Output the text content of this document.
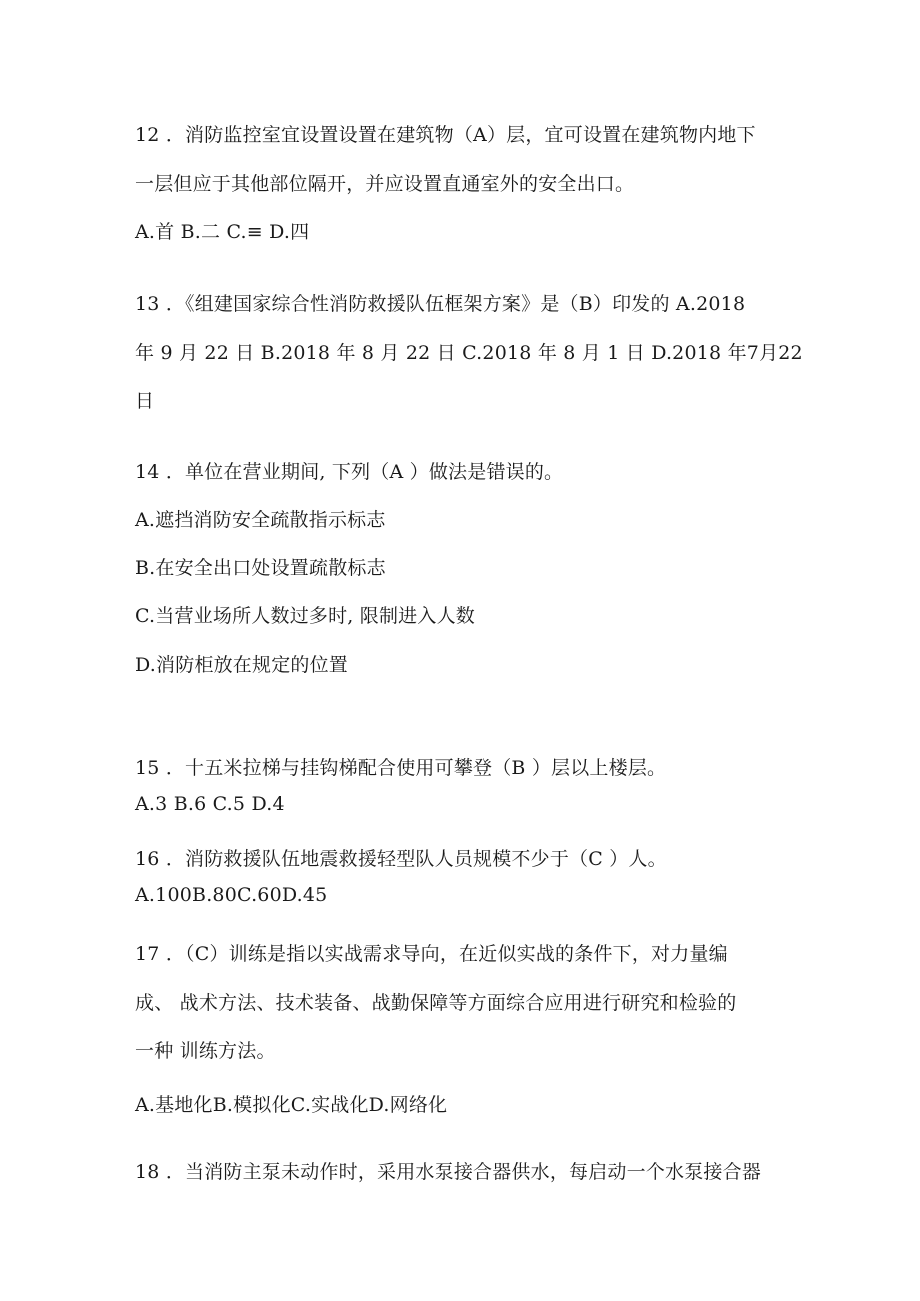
12 ．消防监控室宜设置设置在建筑物（A）层，宜可设置在建筑物内地下
一层但应于其他部位隔开，并应设置直通室外的安全出口。
A.首 B.二 C.≡ D.四
13 ．《组建国家综合性消防救援队伍框架方案》是（B）印发的 A.2018
年 9 月 22 日 B.2018 年 8 月 22 日 C.2018 年 8 月 1 日 D.2018 年7月22
日
14 ．单位在营业期间, 下列（A ）做法是错误的。
A.遮挡消防安全疏散指示标志
B.在安全出口处设置疏散标志
C.当营业场所人数过多时, 限制进入人数
D.消防柜放在规定的位置
15 ．十五米拉梯与挂钩梯配合使用可攀登（B ）层以上楼层。
A.3 B.6 C.5 D.4
16 ．消防救援队伍地震救援轻型队人员规模不少于（C ）人。
A.100B.80C.60D.45
17 ．（C）训练是指以实战需求导向，在近似实战的条件下，对力量编
成、 战术方法、技术装备、战勤保障等方面综合应用进行研究和检验的
一种 训练方法。
A.基地化B.模拟化C.实战化D.网络化
18 ．当消防主泵未动作时，采用水泵接合器供水，每启动一个水泵接合器
